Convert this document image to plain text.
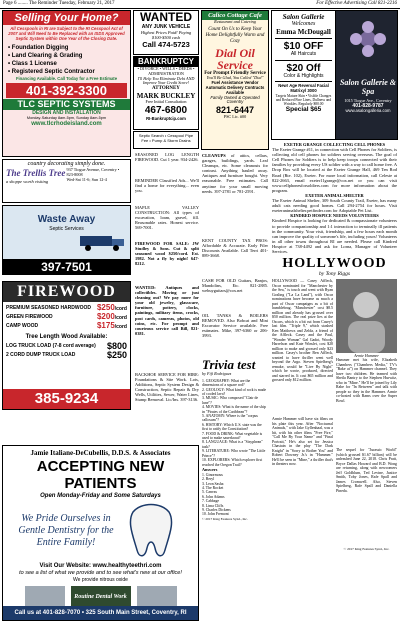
Page 6 ........ The Reminder Tuesday, February 21, 2017	For Effective Advertising Call 821-2216
Selling Your Home?
All Cesspools in RI are Subject to the RI Cesspool Act of 2007 and Will Need to Be Replaced with an ISDS Approved Septic System within One Year of the Closing Date.
• Foundation Digging
• Land Clearing & Grading
• Class 1 License
• Registered Septic Contractor
Financing Available. Call Today for a Free Estimate
401-392-3300
TLC SEPTIC SYSTEMS
DESIGN AND INSTALLATION
Monday-Saturday 8am-5pm, Sunday 8am-5pm
www.tlcrhodeisland.com
WANTED
ANY JUNK VEHICLE
Highest Prices Paid! Paying $100-$500 cash
Call 474-5723
BANKRUPTCY
• DIVORCE • WILLS • DEEDS • ADMINISTRATION
I'll Help You Eliminate Debt AND Improve Your Credit Score!
ATTORNEY
MARK BUCKLEY
Free Initial Consultation
467-6800
RI-Bankruptcip.com
Septic Search • Cesspool Pipe Fee • Pump & Storm Drains
SEASONED LOG LENGTH FIREWOOD. Cut 1 year. 934-2426.
REMINDER Classified Ads... We'll find a home for everything... even you.
MAPLE VALLEY CONSTRUCTION: All types of excavation, loam, gravel, fill. Reasonable rates. Honest service. 569-7001.
FIREWOOD FOR SALE: JW Studley & Sons. Cut & split seasoned wood $250/cord. Est. 1982. Not a fly by night! 647-8212.
WANTED: Antiques and collectibles. Moving or just cleaning out? We pay more for your old jewelry, glassware, furniture, pottery, clocks, paintings, military items, crocks, post cards, cameras, photos, old coins, etc. For prompt and courteous service call Bill, 821-0381.
BACKHOE SERVICE FOR HIRE: Foundations & Site Work. Lots, Additions, Septic System Design & Construction, Septic Repair & Dry Wells, Utilities, Sewer, Water Lines, Stump Removal. Lic/Ins. 397-3136.
country decorating simply done.
The Trellis Tree
a shoppe worth visiting
937 Tiogue Avenue, Coventry • 823-8008
Wed-Sat 11-6; Sun 12-4
Waste Away
Septic Services
397-7501
FIREWOOD
PREMIUM SEASONED HARDWOOD $250/cord
GREEN FIREWOOD	$200/cord
CAMP WOOD	$175/cord
Tree Length Wood Available:
LOG TRUCK LOAD (7-8 cord average) $800
2 CORD DUMP TRUCK LOAD	$250
385-9234
Calico Cottage Cafe
Restaurant and Catering
Count On Us to Keep Your Home Delightfully Warm and Cozy
Dial Oil Service
For Prompt Friendly Service
You'll Be Glad, You Called "Dial"
Fuel Assistance Vendor
Automatic Delivery Contracts Available
Family Owned & Operated Coventry
821-6447
PSC Lic. #00
CLEANUPS of attics, cellars, garages, buildings, yards. Leaf Cleanups, etc. Some cleanouts for contrast. Anything hauled away. Antiques and furniture bought. Very reasonable. Free estimates. Call anytime for your small moving needs. 397-2781 or 781-2591.
KENT COUNTY TAX PROS: Affordable & Accurate. Early Filer Discounts Available. Call Terri 401-889-3668.
CASH FOR OLD Guitars, Banjos, Mandolins, Etc. 821-2885. webuyguitars@cox.net
OIL TANKS & BOILERS REMOVED. Also Bobcat and Mini Excavator Service available. Free estimates. Mike, 397-6360 or 206-3993.
Trivia test
by Fifi Rodriguez
1. GEOGRAPHY: What are the dimensions of a square rod?
2. GEOLOGY: What kind of rock is made of cooled lava?
3. MUSIC: Who composed "Clair de lune"?
4. MOVIES: What is the name of the ship in "Pirates of the Caribbean"?
5. ANATOMY: Where is the "corpus callosum"?
6. HISTORY: Which U.S. state was the first to ratify the Constitution?
7. FOOD & DRINK: What vegetable is used to make sauerkraut?
8. LANGUAGE: What is a "Sisyphean" task?
9. LITERATURE: Who wrote "The Little Prince"?
10. EXPLORERS: Which explorer first reached the Oregon Trail?
Answers
1. Ginormous
2. Beryl
3. Leon Sasha
4. The Rocket
5. Canvas
6. John Adams
7. Cabbage
8. Lima Cliffs
9. Charles Dickens
10. John Fremont
© 2017 King Features Synd., Inc.
Salon Gallerie
Welcomes
Emma McDougall
$10 OFF
All Haircuts
$20 Off
Color & Highlights
New! Age Reversal Facial Matrixyl 3000
Targets Mature Skin • Visible Changes and Reduced Fine Lines, Dullness and Wrinkles. Regularly $80.00
Special $65
Salon Gallerie & Spa
1015 Tiogue Ave., Coventry
401-828-9787
www.asalongalleria.com
EXETER GRANGE COLLECTING CELL PHONES
The Exeter Grange #11, in connection with Cell Phones for Soldiers, is collecting old cell phones for soldiers serving overseas. The goal of Cell Phones for Soldiers is to help keep troops connected with their families by providing every US soldier with a way to call home free. A Drop Box will be located at the Exeter Grange Hall, 469 Ten Rod Road (Rte. 102), Exeter. For more local information, call Celeste at 822-2663, email exeter11grange@cox.net or you can visit www.cellphonesforsoldiers.com for more information about the program.
EXETER ANIMAL SHELTER
The Exeter Animal Shelter, 309 South County Trail, Exeter, has many adult cats needing good homes. Call 294-2754 for hours. Visit exeteranimalshelter.petfinder.com for Adoptable Pet List.
KINDRED HOSPICE NEEDS VOLUNTEERS
Kindred Hospice is looking for dedicated & compassionate volunteers to provide companionship and 1:1 interaction to terminally ill patients in the community. Your visit, friendship, and a few hours each month can improve the quality of someone's life, including yours! Volunteers in all other towns throughout RI are needed. Please call Kindred Hospice at 738-4492 and ask for Lorna, Manager of Volunteer Services.
HOLLYWOOD
by Tony Riggs
HOLLYWOOD — Casey Affleck, Oscar nominated for "Manchester by the Sea," is touch and went with Ryan Gosling ("La La Land"), with Oscar nominations have become as much a part of Oscar campaigns as a bit of humblebrag. "Manchester" cost $8.5 million and already has grossed over $50 million. The real prize lies at the Oscars, which is a bit cut from Casey's last film. "Triple 9," which stashed Ken Matthews and Zelda, a friend of the Affleck. Casey and the Paul, "Wonder Woman" Gal Gadot, Woody Harrelson and Kate Winslet, cost $20 million to make and grossed only $23 million. Casey's brother Ben Affleck, wanted to have thriller went well beyond the Argo. Steven Spielberg's remake, would be "Live By Night" which he wrote, produced, directed and starred in. It cost $65 million and grossed only $12 million.
Armie Hammer will have six films on his plate this year. After "Nocturnal Animals," with Jake Gyllenhaal, was a hit, with his other films "Free Fire," "Call Me By Your Name" and "Final Portrait," He's also set for Jessica Chastain in the play "The Dark Knight" in "Sorry to Bother You" and Robert Downey Jr.'s in "Hammer." He'll be seen in "Mine," a thriller that's in theaters now.
Armie Hammer
Hammer met his wife, Elizabeth Chambers ("Chambers Media," TV's "Bake at") on Hammer channel. They have two children. He teamed with Sheila Bantry to the Stephen Hurwitz, who in "Mine." He'll be joined by Lily Rabe for "In Between" and talk with people so they in the Hammer. Armie co-hosted with Rams over the Super Bowl.
The sequel for "Jurassic World" (which grossed $1.67 billion) will be unleashed June 22, 2018. Chris Pratt, Bryce Dallas Howard and B.D. Wong are returning, along with newcomers Jeff Goldblum, Ted Levine, Justice Smith, Toby Jones, Rafe Spall and James Cromwell. Also, Steven Spielberg, Rafe Spall and Daniella Pineda.
© 2017 King Features Synd., Inc.
Jamie Italiane-DeCubellis, D.D.S. & Associates
ACCEPTING NEW PATIENTS
Open Monday-Friday and Some Saturdays
We Pride Ourselves in Gentle Dentistry for the Entire Family!
Visit Our Website: www.healthyteethri.com
to see a list of what we provide and to see what's new at our office!
We provide nitrous oxide
Routine Dental Work
Call us at 401-828-7070 • 325 South Main Street, Coventry, RI
